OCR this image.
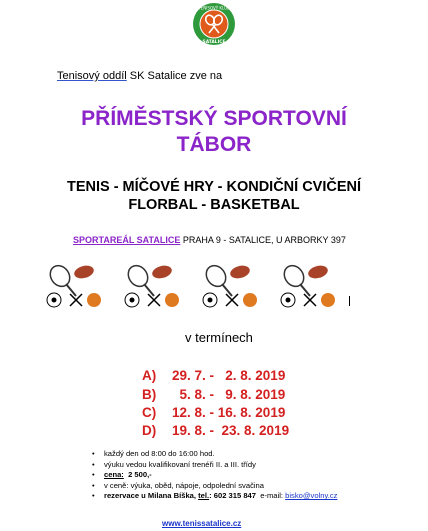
TENISOVÝ KLUB
SATALICE
Tenisový oddíl SK Satalice zve na
PŘÍMĚSTSKÝ SPORTOVNÍ
TÁBOR
TENIS - MÍČOVÉ HRY - KONDIČNÍ CVIČENÍ
FLORBAL - BASKETBAL
SPORTAREÁL SATALICE PRAHA 9 - SATALICE, U ARBORKY 397
v termínech
A) 29. 7. -   2. 8. 2019
B)  5. 8. -   9. 8. 2019
C) 12. 8. - 16. 8. 2019
D) 19. 8. -  23. 8. 2019
• každý den od 8:00 do 16:00 hod.
• výuku vedou kvalifikovaní trenéři II. a III. třídy
• cena:  2 500,-
• v ceně: výuka, oběd, nápoje, odpolední svačina
• rezervace u Milana Bíška, tel.: 602 315 847  e-mail: bisko@volny.cz
www.tenissatalice.cz
